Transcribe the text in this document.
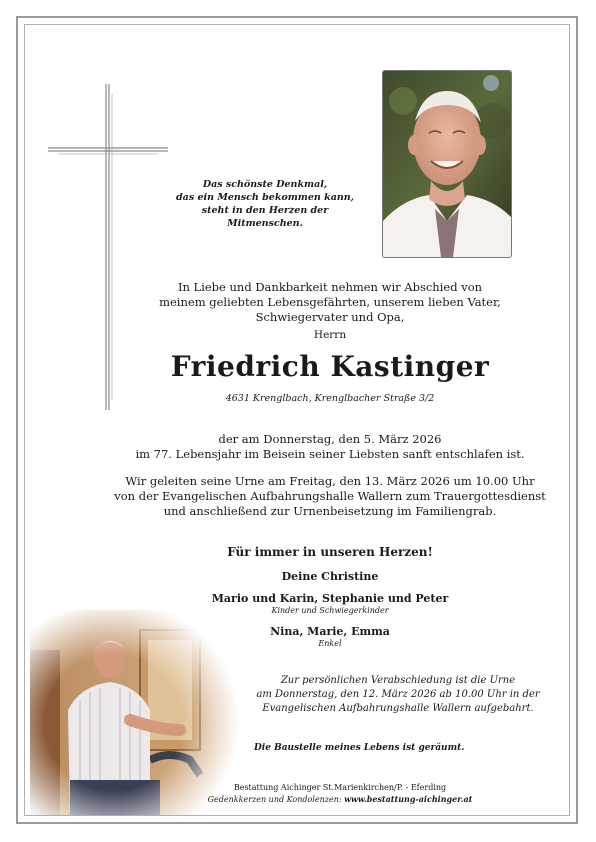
Das schönste Denkmal,
das ein Mensch bekommen kann,
steht in den Herzen der
Mitmenschen.
In Liebe und Dankbarkeit nehmen wir Abschied von
meinem geliebten Lebensgefährten, unserem lieben Vater,
Schwiegervater und Opa,
Herrn
Friedrich Kastinger
4631 Krenglbach, Krenglbacher Straße 3/2
der am Donnerstag, den 5. März 2026
im 77. Lebensjahr im Beisein seiner Liebsten sanft entschlafen ist.
Wir geleiten seine Urne am Freitag, den 13. März 2026 um 10.00 Uhr
von der Evangelischen Aufbahrungshalle Wallern zum Trauergottesdienst
und anschließend zur Urnenbeisetzung im Familiengrab.
Für immer in unseren Herzen!
Deine Christine
Mario und Karin, Stephanie und Peter
Kinder und Schwiegerkinder
Nina, Marie, Emma
Enkel
Zur persönlichen Verabschiedung ist die Urne
am Donnerstag, den 12. März 2026 ab 10.00 Uhr in der
Evangelischen Aufbahrungshalle Wallern aufgebahrt.
Die Baustelle meines Lebens ist geräumt.
Bestattung Aichinger St.Marienkirchen/P. - Eferding
Gedenkkerzen und Kondolenzen: www.bestattung-aichinger.at
